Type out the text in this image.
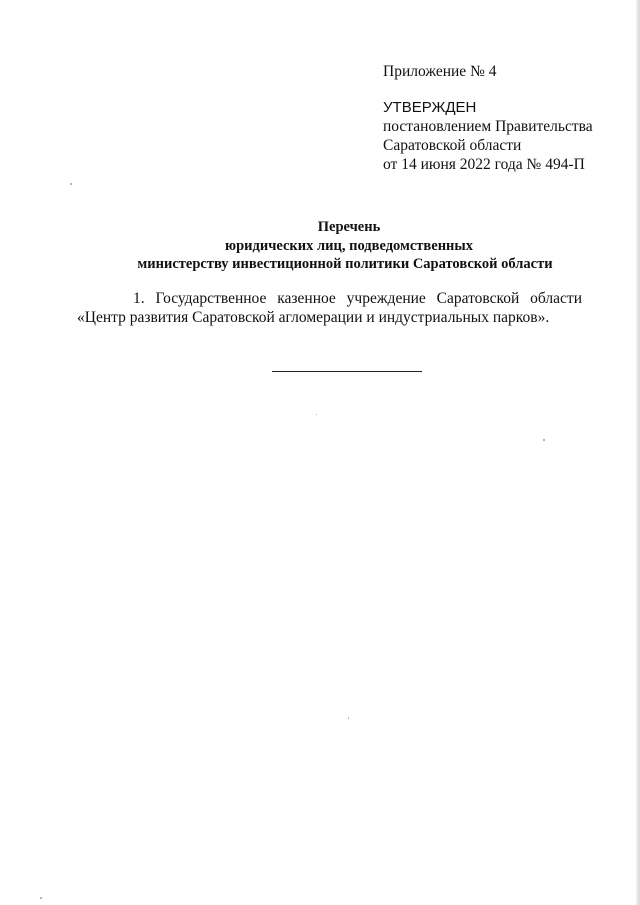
Приложение № 4
УТВЕРЖДЕН
постановлением Правительства
Саратовской области
от 14 июня 2022 года № 494-П
Перечень
юридических лиц, подведомственных
министерству инвестиционной политики Саратовской области
1. Государственное казенное учреждение Саратовской области «Центр развития Саратовской агломерации и индустриальных парков».
